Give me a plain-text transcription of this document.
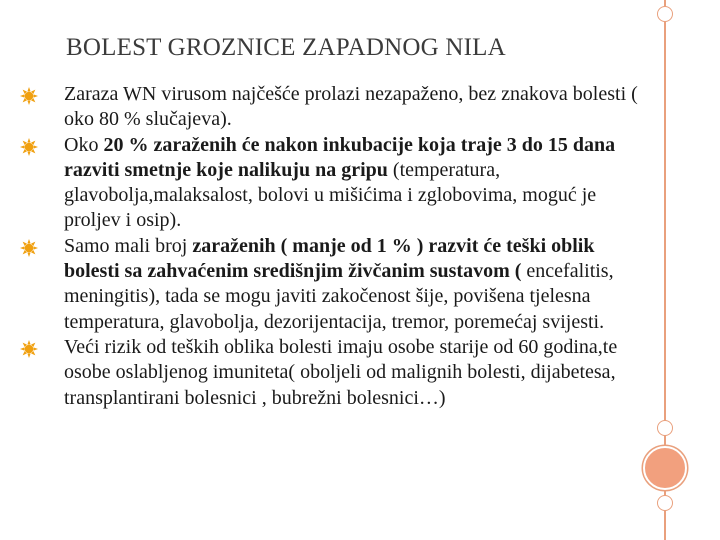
BOLEST GROZNICE ZAPADNOG NILA
Zaraza WN virusom najčešće prolazi nezapaženo, bez znakova bolesti ( oko 80 % slučajeva).
Oko 20 % zaraženih će nakon inkubacije koja traje 3 do 15 dana razviti smetnje koje nalikuju na gripu (temperatura, glavobolja,malaksalost, bolovi u mišićima i zglobovima, moguć je proljev i osip).
Samo mali broj zaraženih ( manje od 1 % ) razvit će teški oblik bolesti sa zahvaćenim središnjim živčanim sustavom ( encefalitis, meningitis), tada se mogu javiti zakočenost šije, povišena tjelesna temperatura, glavobolja, dezorijentacija, tremor, poremećaj svijesti.
Veći rizik od teških oblika bolesti imaju osobe starije od 60 godina,te osobe oslabljenog imuniteta( oboljeli od malignih bolesti, dijabetesa, transplantirani bolesnici , bubrežni bolesnici…)
